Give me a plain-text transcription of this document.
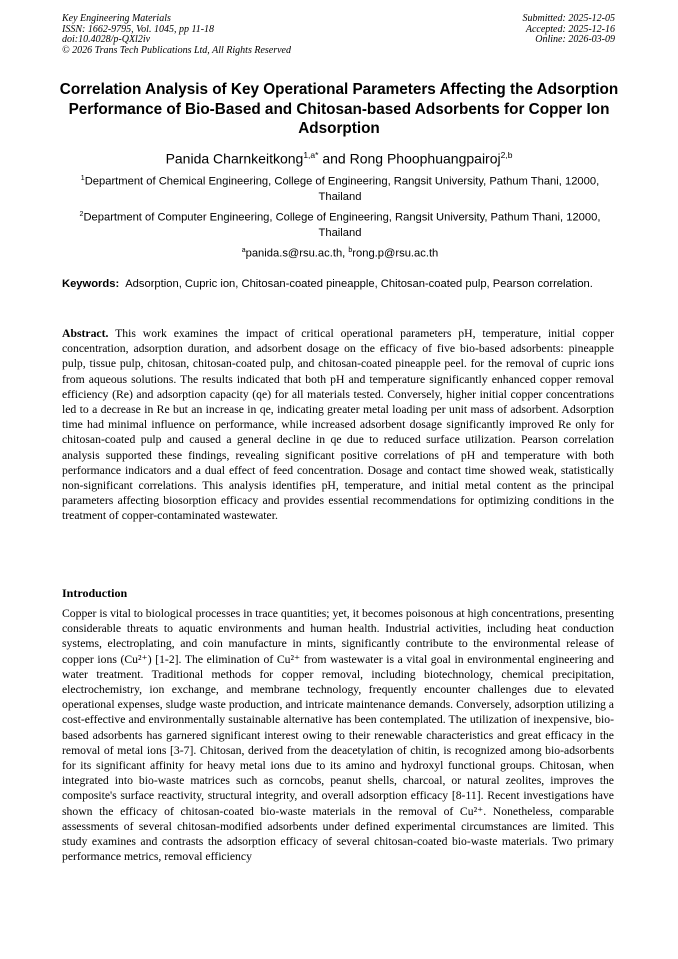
Key Engineering Materials
ISSN: 1662-9795, Vol. 1045, pp 11-18
doi:10.4028/p-QXl2iv
© 2026 Trans Tech Publications Ltd, All Rights Reserved
Submitted: 2025-12-05
Accepted: 2025-12-16
Online: 2026-03-09
Correlation Analysis of Key Operational Parameters Affecting the Adsorption Performance of Bio-Based and Chitosan-based Adsorbents for Copper Ion Adsorption
Panida Charnkeitkong$^{1,a*}$ and Rong Phoophuangpairoj$^{2,b}$
$^1$Department of Chemical Engineering, College of Engineering, Rangsit University, Pathum Thani, 12000, Thailand
$^2$Department of Computer Engineering, College of Engineering, Rangsit University, Pathum Thani, 12000, Thailand
$^a$panida.s@rsu.ac.th, $^b$rong.p@rsu.ac.th
Keywords: Adsorption, Cupric ion, Chitosan-coated pineapple, Chitosan-coated pulp, Pearson correlation.
Abstract. This work examines the impact of critical operational parameters pH, temperature, initial copper concentration, adsorption duration, and adsorbent dosage on the efficacy of five bio-based adsorbents: pineapple pulp, tissue pulp, chitosan, chitosan-coated pulp, and chitosan-coated pineapple peel. for the removal of cupric ions from aqueous solutions. The results indicated that both pH and temperature significantly enhanced copper removal efficiency (Re) and adsorption capacity (qe) for all materials tested. Conversely, higher initial copper concentrations led to a decrease in Re but an increase in qe, indicating greater metal loading per unit mass of adsorbent. Adsorption time had minimal influence on performance, while increased adsorbent dosage significantly improved Re only for chitosan-coated pulp and caused a general decline in qe due to reduced surface utilization. Pearson correlation analysis supported these findings, revealing significant positive correlations of pH and temperature with both performance indicators and a dual effect of feed concentration. Dosage and contact time showed weak, statistically non-significant correlations. This analysis identifies pH, temperature, and initial metal content as the principal parameters affecting biosorption efficacy and provides essential recommendations for optimizing conditions in the treatment of copper-contaminated wastewater.
Introduction
Copper is vital to biological processes in trace quantities; yet, it becomes poisonous at high concentrations, presenting considerable threats to aquatic environments and human health. Industrial activities, including heat conduction systems, electroplating, and coin manufacture in mints, significantly contribute to the environmental release of copper ions (Cu²⁺) [1-2]. The elimination of Cu²⁺ from wastewater is a vital goal in environmental engineering and water treatment. Traditional methods for copper removal, including biotechnology, chemical precipitation, electrochemistry, ion exchange, and membrane technology, frequently encounter challenges due to elevated operational expenses, sludge waste production, and intricate maintenance demands. Conversely, adsorption utilizing a cost-effective and environmentally sustainable alternative has been contemplated. The utilization of inexpensive, bio-based adsorbents has garnered significant interest owing to their renewable characteristics and great efficacy in the removal of metal ions [3-7]. Chitosan, derived from the deacetylation of chitin, is recognized among bio-adsorbents for its significant affinity for heavy metal ions due to its amino and hydroxyl functional groups. Chitosan, when integrated into bio-waste matrices such as corncobs, peanut shells, charcoal, or natural zeolites, improves the composite's surface reactivity, structural integrity, and overall adsorption efficacy [8-11]. Recent investigations have shown the efficacy of chitosan-coated bio-waste materials in the removal of Cu²⁺. Nonetheless, comparable assessments of several chitosan-modified adsorbents under defined experimental circumstances are limited. This study examines and contrasts the adsorption efficacy of several chitosan-coated bio-waste materials. Two primary performance metrics, removal efficiency
